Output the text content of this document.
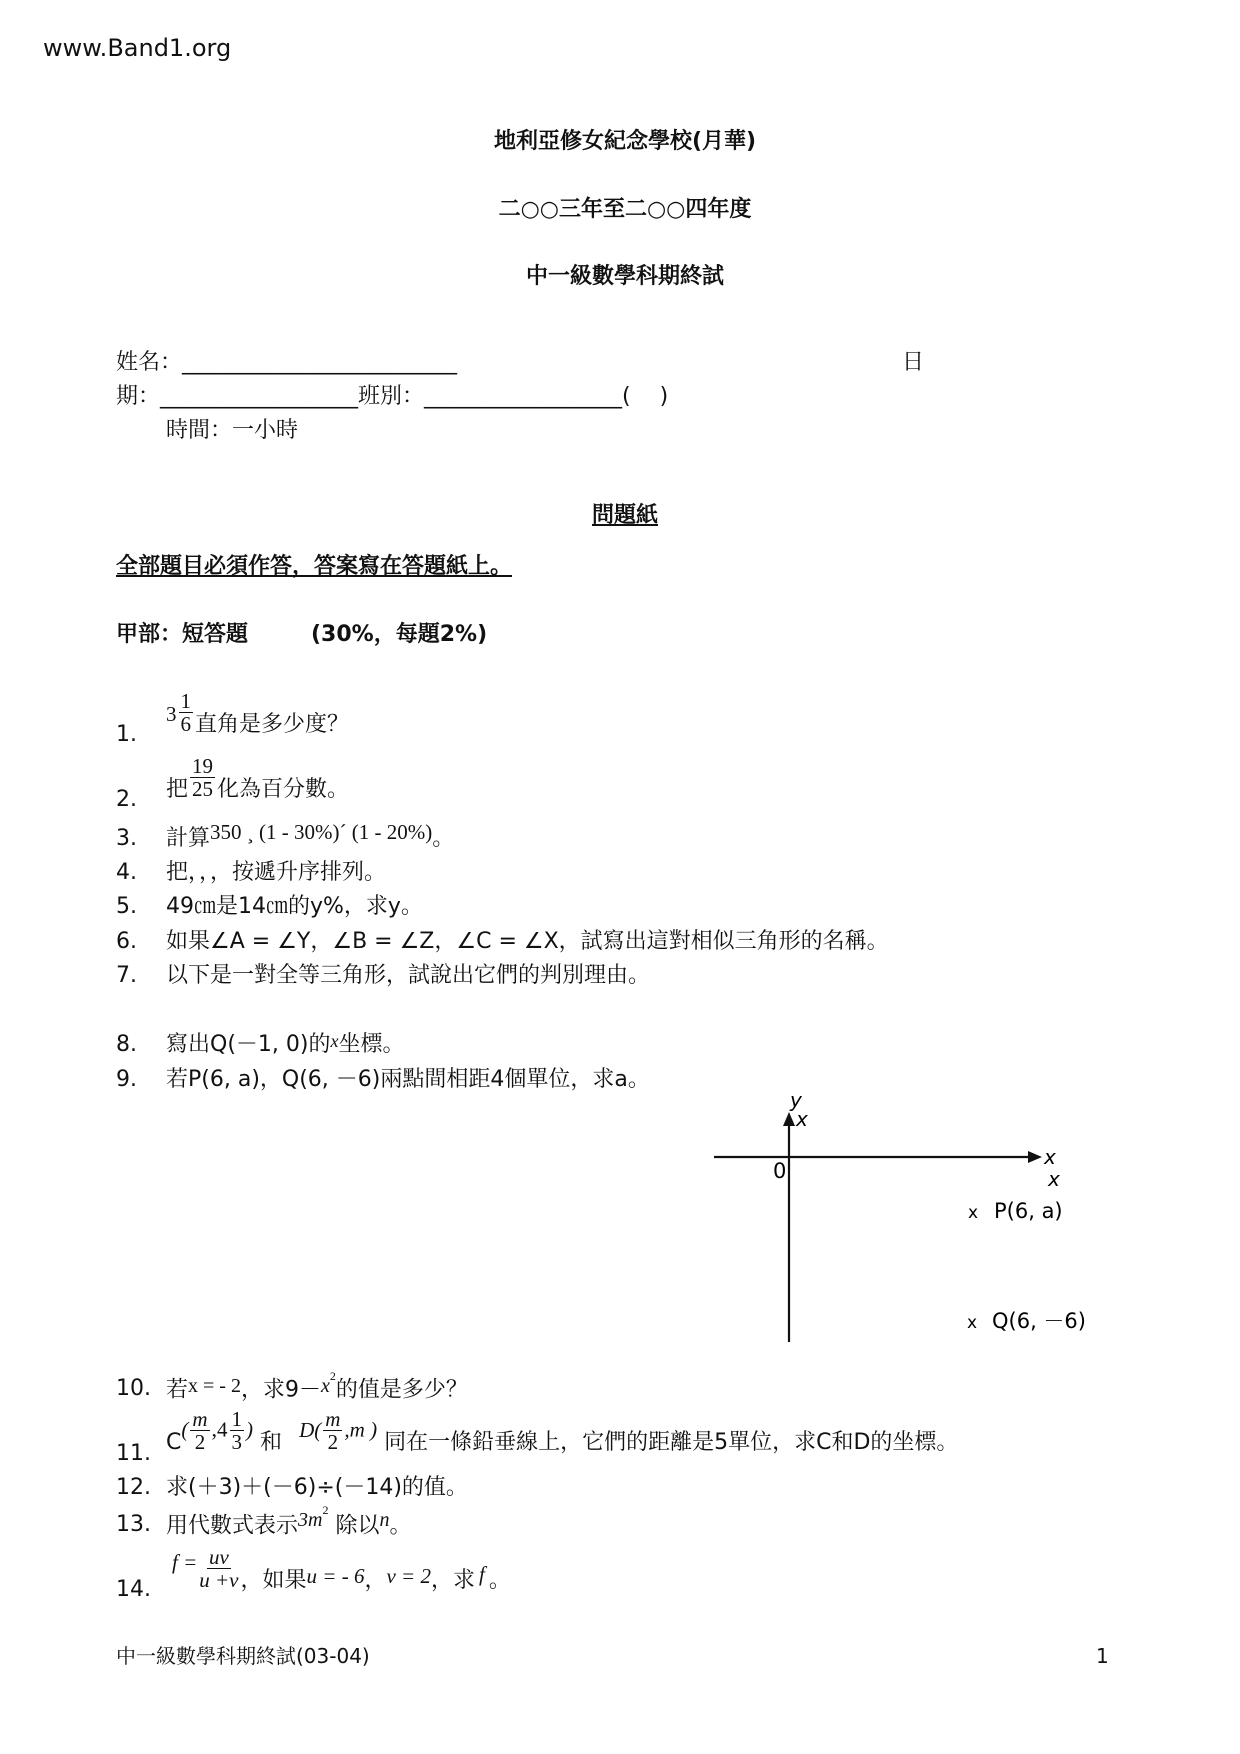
www.Band1.org
地利亞修女紀念學校(月華)
二○○三年至二○○四年度
中一級數學科期終試
姓名：_________________________	日
期：__________________班別：__________________(　 )
時間：一小時
問題紙
全部題目必須作答，答案寫在答題紙上。
甲部：短答題	(30%，每題2%)
1.
$3 \frac{1}{6}$ 直角是多少度？
2. 把 $\frac{19}{25}$ 化為百分數。
3. 計算350 ¸ (1 - 30%)´ (1 - 20%)。
4. 把，，，按遞升序排列。
5. 49㎝是14㎝的y%，求y。
6. 如果∠A = ∠Y，∠B = ∠Z，∠C = ∠X，試寫出這對相似三角形的名稱。
7. 以下是一對全等三角形，試說出它們的判別理由。
8. 寫出Q(－1, 0)的x坐標。
9. 若P(6, a)，Q(6, －6)兩點間相距4個單位，求a。
y
x
x
x
0
x P(6, a)
x Q(6, －6)
10. 若x = - 2，求$9-x^2$的值是多少？
11. $C( \frac{m}{2} ,4 \frac{1}{3}$ ) 和 $D( \frac{m}{2} ,m$ ) 同在一條鉛垂線上，它們的距離是5單位，求C和D的坐標。
12. 求(＋3)＋(－6)÷(－14)的值。
13. 用代數式表示$3m^2$ 除以n。
14.
$f = \frac{uv}{u +v}$ ，如果u = - 6，v = 2，求 f 。
中一級數學科期終試(03-04)	1
